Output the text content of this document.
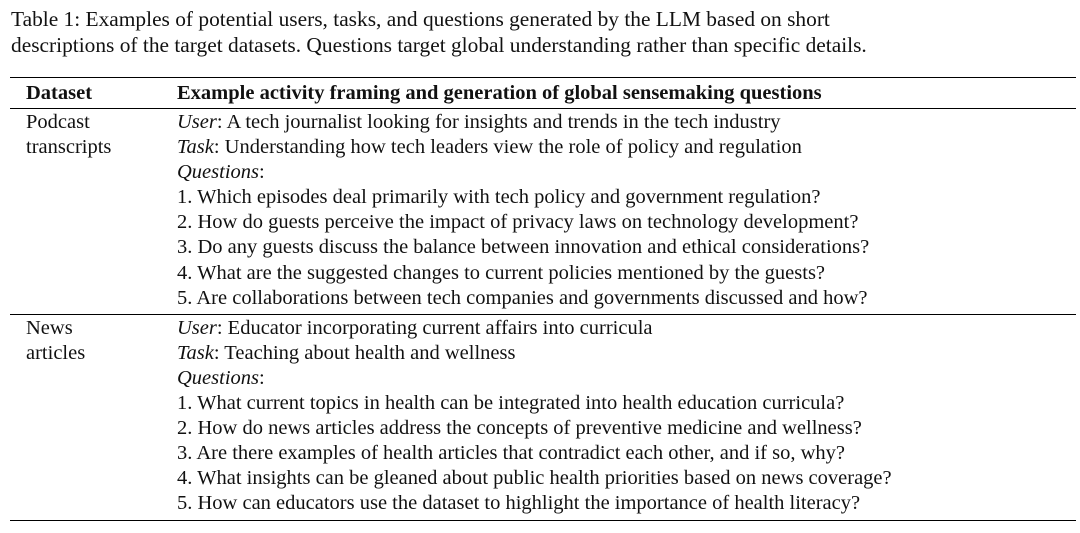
Table 1: Examples of potential users, tasks, and questions generated by the LLM based on short
descriptions of the target datasets. Questions target global understanding rather than specific details.

Dataset	Example activity framing and generation of global sensemaking questions
Podcast
transcripts
User: A tech journalist looking for insights and trends in the tech industry
Task: Understanding how tech leaders view the role of policy and regulation
Questions:
1. Which episodes deal primarily with tech policy and government regulation?
2. How do guests perceive the impact of privacy laws on technology development?
3. Do any guests discuss the balance between innovation and ethical considerations?
4. What are the suggested changes to current policies mentioned by the guests?
5. Are collaborations between tech companies and governments discussed and how?
News
articles
User: Educator incorporating current affairs into curricula
Task: Teaching about health and wellness
Questions:
1. What current topics in health can be integrated into health education curricula?
2. How do news articles address the concepts of preventive medicine and wellness?
3. Are there examples of health articles that contradict each other, and if so, why?
4. What insights can be gleaned about public health priorities based on news coverage?
5. How can educators use the dataset to highlight the importance of health literacy?
